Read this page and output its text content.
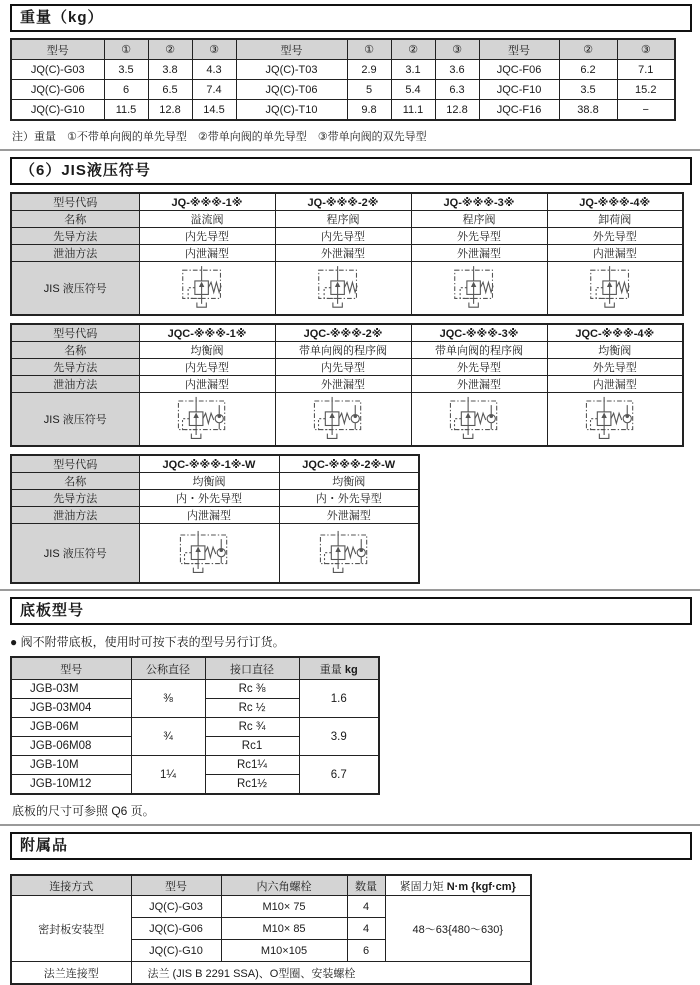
重量（kg）
型号	①	②	③	型号	①	②	③	型号	②	③
JQ(C)-G03	3.5	3.8	4.3	JQ(C)-T03	2.9	3.1	3.6	JQC-F06	6.2	7.1
JQ(C)-G06	6	6.5	7.4	JQ(C)-T06	5	5.4	6.3	JQC-F10	3.5	15.2
JQ(C)-G10	11.5	12.8	14.5	JQ(C)-T10	9.8	11.1	12.8	JQC-F16	38.8	−
注）重量　①不带单向阀的单先导型　②带单向阀的单先导型　③带单向阀的双先导型
（6）JIS液压符号
型号代码	JQ-※※※-1※	JQ-※※※-2※	JQ-※※※-3※	JQ-※※※-4※
名称	溢流阀	程序阀	程序阀	卸荷阀
先导方法	内先导型	内先导型	外先导型	外先导型
泄油方法	内泄漏型	外泄漏型	外泄漏型	内泄漏型
JIS 液压符号				
型号代码	JQC-※※※-1※	JQC-※※※-2※	JQC-※※※-3※	JQC-※※※-4※
名称	均衡阀	带单向阀的程序阀	带单向阀的程序阀	均衡阀
先导方法	内先导型	内先导型	外先导型	外先导型
泄油方法	内泄漏型	外泄漏型	外泄漏型	内泄漏型
JIS 液压符号				
型号代码	JQC-※※※-1※-W	JQC-※※※-2※-W
名称	均衡阀	均衡阀
先导方法	内・外先导型	内・外先导型
泄油方法	内泄漏型	外泄漏型
JIS 液压符号		
底板型号
● 阀不附带底板，使用时可按下表的型号另行订货。
型号	公称直径	接口直径	重量 kg
JGB-03M	⅜	Rc ⅜	1.6
JGB-03M04		Rc ½	
JGB-06M	¾	Rc ¾	3.9
JGB-06M08		Rc1	
JGB-10M	1¼	Rc1¼	6.7
JGB-10M12		Rc1½	
底板的尺寸可参照 Q6 页。
附属品
连接方式	型号	内六角螺栓	数量	紧固力矩 N·m {kgf·cm}
密封板安装型	JQ(C)-G03	M10× 75	4	48～63{480～630}
	JQ(C)-G06	M10× 85	4	
	JQ(C)-G10	M10×105	6	
法兰连接型	法兰 (JIS B 2291 SSA)、O型圈、安装螺栓			
